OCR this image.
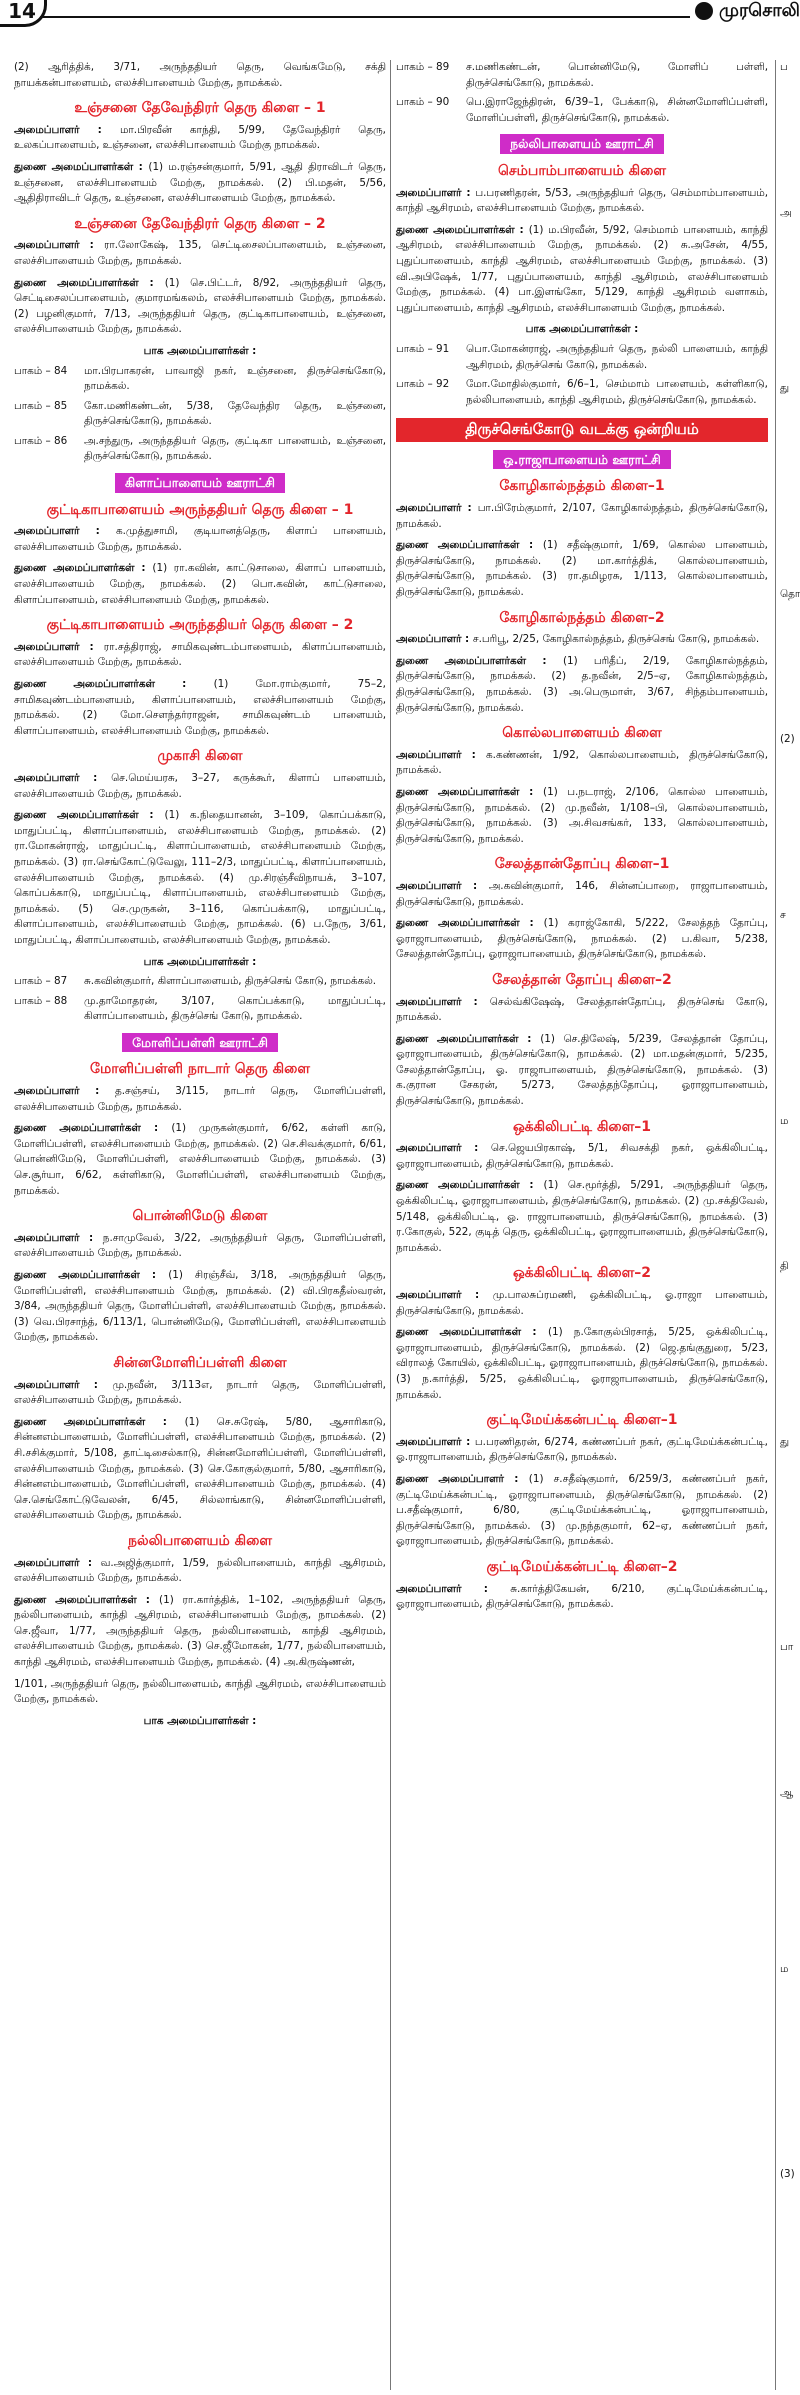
14	முரசொலி
(2) ஆரித்திக், 3/71, அருந்ததியர் தெரு, வெங்கமேடு, சக்தி நாயக்கன்பாளையம், எலச்சிபாளையம் மேற்கு, நாமக்கல்.
உஞ்சனை தேவேந்திரர் தெரு கிளை – 1
அமைப்பாளர் : மா.பிரவீன் காந்தி, 5/99, தேவேந்திரர் தெரு, உலகப்பாளையம், உஞ்சனை, எலச்சிபாளையம் மேற்கு நாமக்கல்.
துணை அமைப்பாளர்கள் : (1) ம.ரஞ்சன்குமார், 5/91, ஆதி திராவிடர் தெரு, உஞ்சனை, எலச்சிபாளையம் மேற்கு, நாமக்கல். (2) பி.மதன், 5/56, ஆதிதிராவிடர் தெரு, உஞ்சனை, எலச்சிபாளையம் மேற்கு, நாமக்கல்.
உஞ்சனை தேவேந்திரர் தெரு கிளை – 2
அமைப்பாளர் : ரா.லோகேஷ், 135, செட்டிசைலப்பாளையம், உஞ்சனை, எலச்சிபாளையம் மேற்கு, நாமக்கல்.
துணை அமைப்பாளர்கள் : (1) செ.பிட்டர், 8/92, அருந்ததியர் தெரு, செட்டிசைலப்பாளையம், குமாரமங்கலம், எலச்சிபாளையம் மேற்கு, நாமக்கல். (2) பழனிகுமார், 7/13, அருந்ததியர் தெரு, குட்டிகாபாளையம், உஞ்சனை, எலச்சிபாளையம் மேற்கு, நாமக்கல்.
பாக அமைப்பாளர்கள் :
பாகம் – 84	மா.பிரபாகரன், பாவாஜி நகர், உஞ்சனை, திருச்செங்கோடு, நாமக்கல்.
பாகம் – 85	கோ.மணிகண்டன், 5/38, தேவேந்திர தெரு, உஞ்சனை, திருச்செங்கோடு, நாமக்கல்.
பாகம் – 86	அ.சந்துரு, அருந்ததியர் தெரு, குட்டிகா பாளையம், உஞ்சனை, திருச்செங்கோடு, நாமக்கல்.
கிளாப்பாளையம் ஊராட்சி
குட்டிகாபாளையம் அருந்ததியர் தெரு கிளை – 1
அமைப்பாளர் : க.முத்துசாமி, குடியானத்தெரு, கிளாப் பாளையம், எலச்சிபாளையம் மேற்கு, நாமக்கல்.
துணை அமைப்பாளர்கள் : (1) ரா.கவின், காட்டுசாலை, கிளாப் பாளையம், எலச்சிபாளையம் மேற்கு, நாமக்கல். (2) பொ.கவின், காட்டுசாலை, கிளாப்பாளையம், எலச்சிபாளையம் மேற்கு, நாமக்கல்.
குட்டிகாபாளையம் அருந்ததியர் தெரு கிளை – 2
அமைப்பாளர் : ரா.சத்திராஜ், சாமிகவுண்டம்பாளையம், கிளாப்பாளையம், எலச்சிபாளையம் மேற்கு, நாமக்கல்.
துணை அமைப்பாளர்கள் : (1) மோ.ராம்குமார், 75–2, சாமிகவுண்டம்பாளையம், கிளாப்பாளையம், எலச்சிபாளையம் மேற்கு, நாமக்கல். (2) மோ.சௌந்தர்ராஜன், சாமிகவுண்டம் பாளையம், கிளாப்பாளையம், எலச்சிபாளையம் மேற்கு, நாமக்கல்.
முகாசி கிளை
அமைப்பாளர் : செ.மெய்யரசு, 3–27, கருக்கூர், கிளாப் பாளையம், எலச்சிபாளையம் மேற்கு, நாமக்கல்.
துணை அமைப்பாளர்கள் : (1) க.நிதையானன், 3–109, கொப்பக்காடு, மாதுப்பட்டி, கிளாப்பாளையம், எலச்சிபாளையம் மேற்கு, நாமக்கல். (2) ரா.மோகன்ராஜ், மாதுப்பட்டி, கிளாப்பாளையம், எலச்சிபாளையம் மேற்கு, நாமக்கல். (3) ரா.செங்கோட்டுவேலு, 111–2/3, மாதுப்பட்டி, கிளாப்பாளையம், எலச்சிபாளையம் மேற்கு, நாமக்கல். (4) மு.சிரஞ்சீவிநாயக், 3–107, கொப்பக்காடு, மாதுப்பட்டி, கிளாப்பாளையம், எலச்சிபாளையம் மேற்கு, நாமக்கல். (5) செ.முருகன், 3–116, கொப்பக்காடு, மாதுப்பட்டி, கிளாப்பாளையம், எலச்சிபாளையம் மேற்கு, நாமக்கல். (6) ப.நேரு, 3/61, மாதுப்பட்டி, கிளாப்பாளையம், எலச்சிபாளையம் மேற்கு, நாமக்கல்.
பாக அமைப்பாளர்கள் :
பாகம் – 87	சு.கவின்குமார், கிளாப்பாளையம், திருச்செங் கோடு, நாமக்கல்.
பாகம் – 88	மு.தாமோதரன், 3/107, கொப்பக்காடு, மாதுப்பட்டி, கிளாப்பாளையம், திருச்செங் கோடு, நாமக்கல்.
மோளிப்பள்ளி ஊராட்சி
மோளிப்பள்ளி நாடார் தெரு கிளை
அமைப்பாளர் : த.சஞ்சய், 3/115, நாடார் தெரு, மோளிப்பள்ளி, எலச்சிபாளையம் மேற்கு, நாமக்கல்.
துணை அமைப்பாளர்கள் : (1) முருகன்குமார், 6/62, கள்ளி காடு, மோளிப்பள்ளி, எலச்சிபாளையம் மேற்கு, நாமக்கல். (2) செ.சிவக்குமார், 6/61, பொன்னிமேடு, மோளிப்பள்ளி, எலச்சிபாளையம் மேற்கு, நாமக்கல். (3) செ.சூர்யா, 6/62, கள்ளிகாடு, மோளிப்பள்ளி, எலச்சிபாளையம் மேற்கு, நாமக்கல்.
பொன்னிமேடு கிளை
அமைப்பாளர் : ந.சாமுவேல், 3/22, அருந்ததியர் தெரு, மோளிப்பள்ளி, எலச்சிபாளையம் மேற்கு, நாமக்கல்.
துணை அமைப்பாளர்கள் : (1) சிரஞ்சீவ், 3/18, அருந்ததியர் தெரு, மோளிப்பள்ளி, எலச்சிபாளையம் மேற்கு, நாமக்கல். (2) வி.பிரகதீஸ்வரன், 3/84, அருந்ததியர் தெரு, மோளிப்பள்ளி, எலச்சிபாளையம் மேற்கு, நாமக்கல். (3) வெ.பிரசாந்த், 6/113/1, பொன்னிமேடு, மோளிப்பள்ளி, எலச்சிபாளையம் மேற்கு, நாமக்கல்.
சின்னமோளிப்பள்ளி கிளை
அமைப்பாளர் : மு.நவீன், 3/113எ, நாடார் தெரு, மோளிப்பள்ளி, எலச்சிபாளையம் மேற்கு, நாமக்கல்.
துணை அமைப்பாளர்கள் : (1) செ.சுரேஷ், 5/80, ஆசாரிகாடு, சின்னஎம்பாளையம், மோளிப்பள்ளி, எலச்சிபாளையம் மேற்கு, நாமக்கல். (2) சி.சசிக்குமார், 5/108, தாட்டிசைல்காடு, சின்னமோளிப்பள்ளி, மோளிப்பள்ளி, எலச்சிபாளையம் மேற்கு, நாமக்கல். (3) செ.கோகுல்குமார், 5/80, ஆசாரிகாடு, சின்னஎம்பாளையம், மோளிப்பள்ளி, எலச்சிபாளையம் மேற்கு, நாமக்கல். (4) செ.செங்கோட்டுவேலன், 6/45, சில்லாங்காடு, சின்னமோளிப்பள்ளி, எலச்சிபாளையம் மேற்கு, நாமக்கல்.
நல்லிபாளையம் கிளை
அமைப்பாளர் : வ.அஜித்குமார், 1/59, நல்லிபாளையம், காந்தி ஆசிரமம், எலச்சிபாளையம் மேற்கு, நாமக்கல்.
துணை அமைப்பாளர்கள் : (1) ரா.கார்த்திக், 1–102, அருந்ததியர் தெரு, நல்லிபாளையம், காந்தி ஆசிரமம், எலச்சிபாளையம் மேற்கு, நாமக்கல். (2) செ.ஜீவா, 1/77, அருந்ததியர் தெரு, நல்லிபாளையம், காந்தி ஆசிரமம், எலச்சிபாளையம் மேற்கு, நாமக்கல். (3) செ.ஜீமோகன், 1/77, நல்லிபாளையம், காந்தி ஆசிரமம், எலச்சிபாளையம் மேற்கு, நாமக்கல். (4) அ.கிருஷ்ணன்,
1/101, அருந்ததியர் தெரு, நல்லிபாளையம், காந்தி ஆசிரமம், எலச்சிபாளையம் மேற்கு, நாமக்கல்.
பாக அமைப்பாளர்கள் :
பாகம் – 89	ச.மணிகண்டன், பொன்னிமேடு, மோளிப் பள்ளி, திருச்செங்கோடு, நாமக்கல்.
பாகம் – 90	பெ.இராஜேந்திரன், 6/39–1, பேக்காடு, சின்னமோளிப்பள்ளி, மோளிப்பள்ளி, திருச்செங்கோடு, நாமக்கல்.
நல்லிபாளையம் ஊராட்சி
செம்பாம்பாளையம் கிளை
அமைப்பாளர் : ப.பரணிதரன், 5/53, அருந்ததியர் தெரு, செம்மாம்பாளையம், காந்தி ஆசிரமம், எலச்சிபாளையம் மேற்கு, நாமக்கல்.
துணை அமைப்பாளர்கள் : (1) ம.பிரவீன், 5/92, செம்மாம் பாளையம், காந்தி ஆசிரமம், எலச்சிபாளையம் மேற்கு, நாமக்கல். (2) சு.அசேன், 4/55, புதுப்பாளையம், காந்தி ஆசிரமம், எலச்சிபாளையம் மேற்கு, நாமக்கல். (3) வி.அபிஷேக், 1/77, புதுப்பாளையம், காந்தி ஆசிரமம், எலச்சிபாளையம் மேற்கு, நாமக்கல். (4) பா.இளங்கோ, 5/129, காந்தி ஆசிரமம் வளாகம், புதுப்பாளையம், காந்தி ஆசிரமம், எலச்சிபாளையம் மேற்கு, நாமக்கல்.
பாக அமைப்பாளர்கள் :
பாகம் – 91	பொ.மோகன்ராஜ், அருந்ததியர் தெரு, நல்லி பாளையம், காந்தி ஆசிரமம், திருச்செங் கோடு, நாமக்கல்.
பாகம் – 92	மோ.மோதில்குமார், 6/6–1, செம்மாம் பாளையம், கள்ளிகாடு, நல்லிபாளையம், காந்தி ஆசிரமம், திருச்செங்கோடு, நாமக்கல்.
திருச்செங்கோடு வடக்கு ஒன்றியம்
ஒ.ராஜாபாளையம் ஊராட்சி
கோழிகால்நத்தம் கிளை–1
அமைப்பாளர் : பா.பிரேம்குமார், 2/107, கோழிகால்நத்தம், திருச்செங்கோடு, நாமக்கல்.
துணை அமைப்பாளர்கள் : (1) சதீஷ்குமார், 1/69, கொல்ல பாளையம், திருச்செங்கோடு, நாமக்கல். (2) மா.கார்த்திக், கொல்லபாளையம், திருச்செங்கோடு, நாமக்கல். (3) ரா.தமிழரசு, 1/113, கொல்லபாளையம், திருச்செங்கோடு, நாமக்கல்.
கோழிகால்நத்தம் கிளை–2
அமைப்பாளர் : ச.பரிபூ, 2/25, கோழிகால்நத்தம், திருச்செங் கோடு, நாமக்கல்.
துணை அமைப்பாளர்கள் : (1) பரிதீப், 2/19, கோழிகால்நத்தம், திருச்செங்கோடு, நாமக்கல். (2) த.நவீன், 2/5–ஏ, கோழிகால்நத்தம், திருச்செங்கோடு, நாமக்கல். (3) அ.பெருமாள், 3/67, சிந்தம்பாளையம், திருச்செங்கோடு, நாமக்கல்.
கொல்லபாளையம் கிளை
அமைப்பாளர் : க.கண்ணன், 1/92, கொல்லபாளையம், திருச்செங்கோடு, நாமக்கல்.
துணை அமைப்பாளர்கள் : (1) ப.நடராஜ், 2/106, கொல்ல பாளையம், திருச்செங்கோடு, நாமக்கல். (2) மு.நவீன், 1/108–பி, கொல்லபாளையம், திருச்செங்கோடு, நாமக்கல். (3) அ.சிவசங்கர், 133, கொல்லபாளையம், திருச்செங்கோடு, நாமக்கல்.
சேலத்தான்தோப்பு கிளை–1
அமைப்பாளர் : அ.கவின்குமார், 146, சின்னப்பாறை, ராஜாபாளையம், திருச்செங்கோடு, நாமக்கல்.
துணை அமைப்பாளர்கள் : (1) கராஜ்கோகி, 5/222, சேலத்தந் தோப்பு, ஓராஜாபாளையம், திருச்செங்கோடு, நாமக்கல். (2) ப.கிவா, 5/238, சேலத்தான்தோப்பு, ஓராஜாபாளையம், திருச்செங்கோடு, நாமக்கல்.
சேலத்தான் தோப்பு கிளை–2
அமைப்பாளர் : செல்வ்கிஷேஷ், சேலத்தான்தோப்பு, திருச்செங் கோடு, நாமக்கல்.
துணை அமைப்பாளர்கள் : (1) செ.திலேஷ், 5/239, சேலத்தான் தோப்பு, ஓராஜாபாளையம், திருச்செங்கோடு, நாமக்கல். (2) மா.மதன்குமார், 5/235, சேலத்தான்தோப்பு, ஓ. ராஜாபாளையம், திருச்செங்கோடு, நாமக்கல். (3) க.குரான சேகரன், 5/273, சேலத்தந்தோப்பு, ஓராஜாபாளையம், திருச்செங்கோடு, நாமக்கல்.
ஒக்கிலிபட்டி கிளை–1
அமைப்பாளர் : செ.ஜெயபிரகாஷ், 5/1, சிவசக்தி நகர், ஒக்கிலிபட்டி, ஓராஜாபாளையம், திருச்செங்கோடு, நாமக்கல்.
துணை அமைப்பாளர்கள் : (1) செ.மூர்த்தி, 5/291, அருந்ததியர் தெரு, ஒக்கிலிபட்டி, ஓராஜாபாளையம், திருச்செங்கோடு, நாமக்கல். (2) மு.சக்திவேல், 5/148, ஒக்கிலிபட்டி, ஓ. ராஜாபாளையம், திருச்செங்கோடு, நாமக்கல். (3) ர.கோகுல், 522, குடித் தெரு, ஒக்கிலிபட்டி, ஓராஜாபாளையம், திருச்செங்கோடு, நாமக்கல்.
ஒக்கிலிபட்டி கிளை–2
அமைப்பாளர் : மு.பாலசுப்ரமணி, ஒக்கிலிபட்டி, ஓ.ராஜா பாளையம், திருச்செங்கோடு, நாமக்கல்.
துணை அமைப்பாளர்கள் : (1) ந.கோகுல்பிரசாத், 5/25, ஒக்கிலிபட்டி, ஓராஜாபாளையம், திருச்செங்கோடு, நாமக்கல். (2) ஜெ.தங்குதுரை, 5/23, விராலத் கோயில், ஒக்கிலிபட்டி, ஓராஜாபாளையம், திருச்செங்கோடு, நாமக்கல். (3) ந.கார்த்தி, 5/25, ஒக்கிலிபட்டி, ஓராஜாபாளையம், திருச்செங்கோடு, நாமக்கல்.
குட்டிமேய்க்கன்பட்டி கிளை–1
அமைப்பாளர் : ப.பரணிதரன், 6/274, கண்ணப்பர் நகர், குட்டிமேய்க்கன்பட்டி, ஓ.ராஜாபாளையம், திருச்செங்கோடு, நாமக்கல்.
துணை அமைப்பாளர் : (1) ச.சதீஷ்குமார், 6/259/3, கண்ணப்பர் நகர், குட்டிமேய்க்கன்பட்டி, ஓராஜாபாளையம், திருச்செங்கோடு, நாமக்கல். (2) ப.சதீஷ்குமார், 6/80, குட்டிமேய்க்கன்பட்டி, ஓராஜாபாளையம், திருச்செங்கோடு, நாமக்கல். (3) மு.நந்தகுமார், 62–ஏ, கண்ணப்பர் நகர், ஓராஜாபாளையம், திருச்செங்கோடு, நாமக்கல்.
குட்டிமேய்க்கன்பட்டி கிளை–2
அமைப்பாளர் : சு.கார்த்திகேயன், 6/210, குட்டிமேய்க்கன்பட்டி, ஓராஜாபாளையம், திருச்செங்கோடு, நாமக்கல்.
ப
அ
து
தொ
(2)
ச
ம
தி
து
பா
ஆ
ம
(3)
